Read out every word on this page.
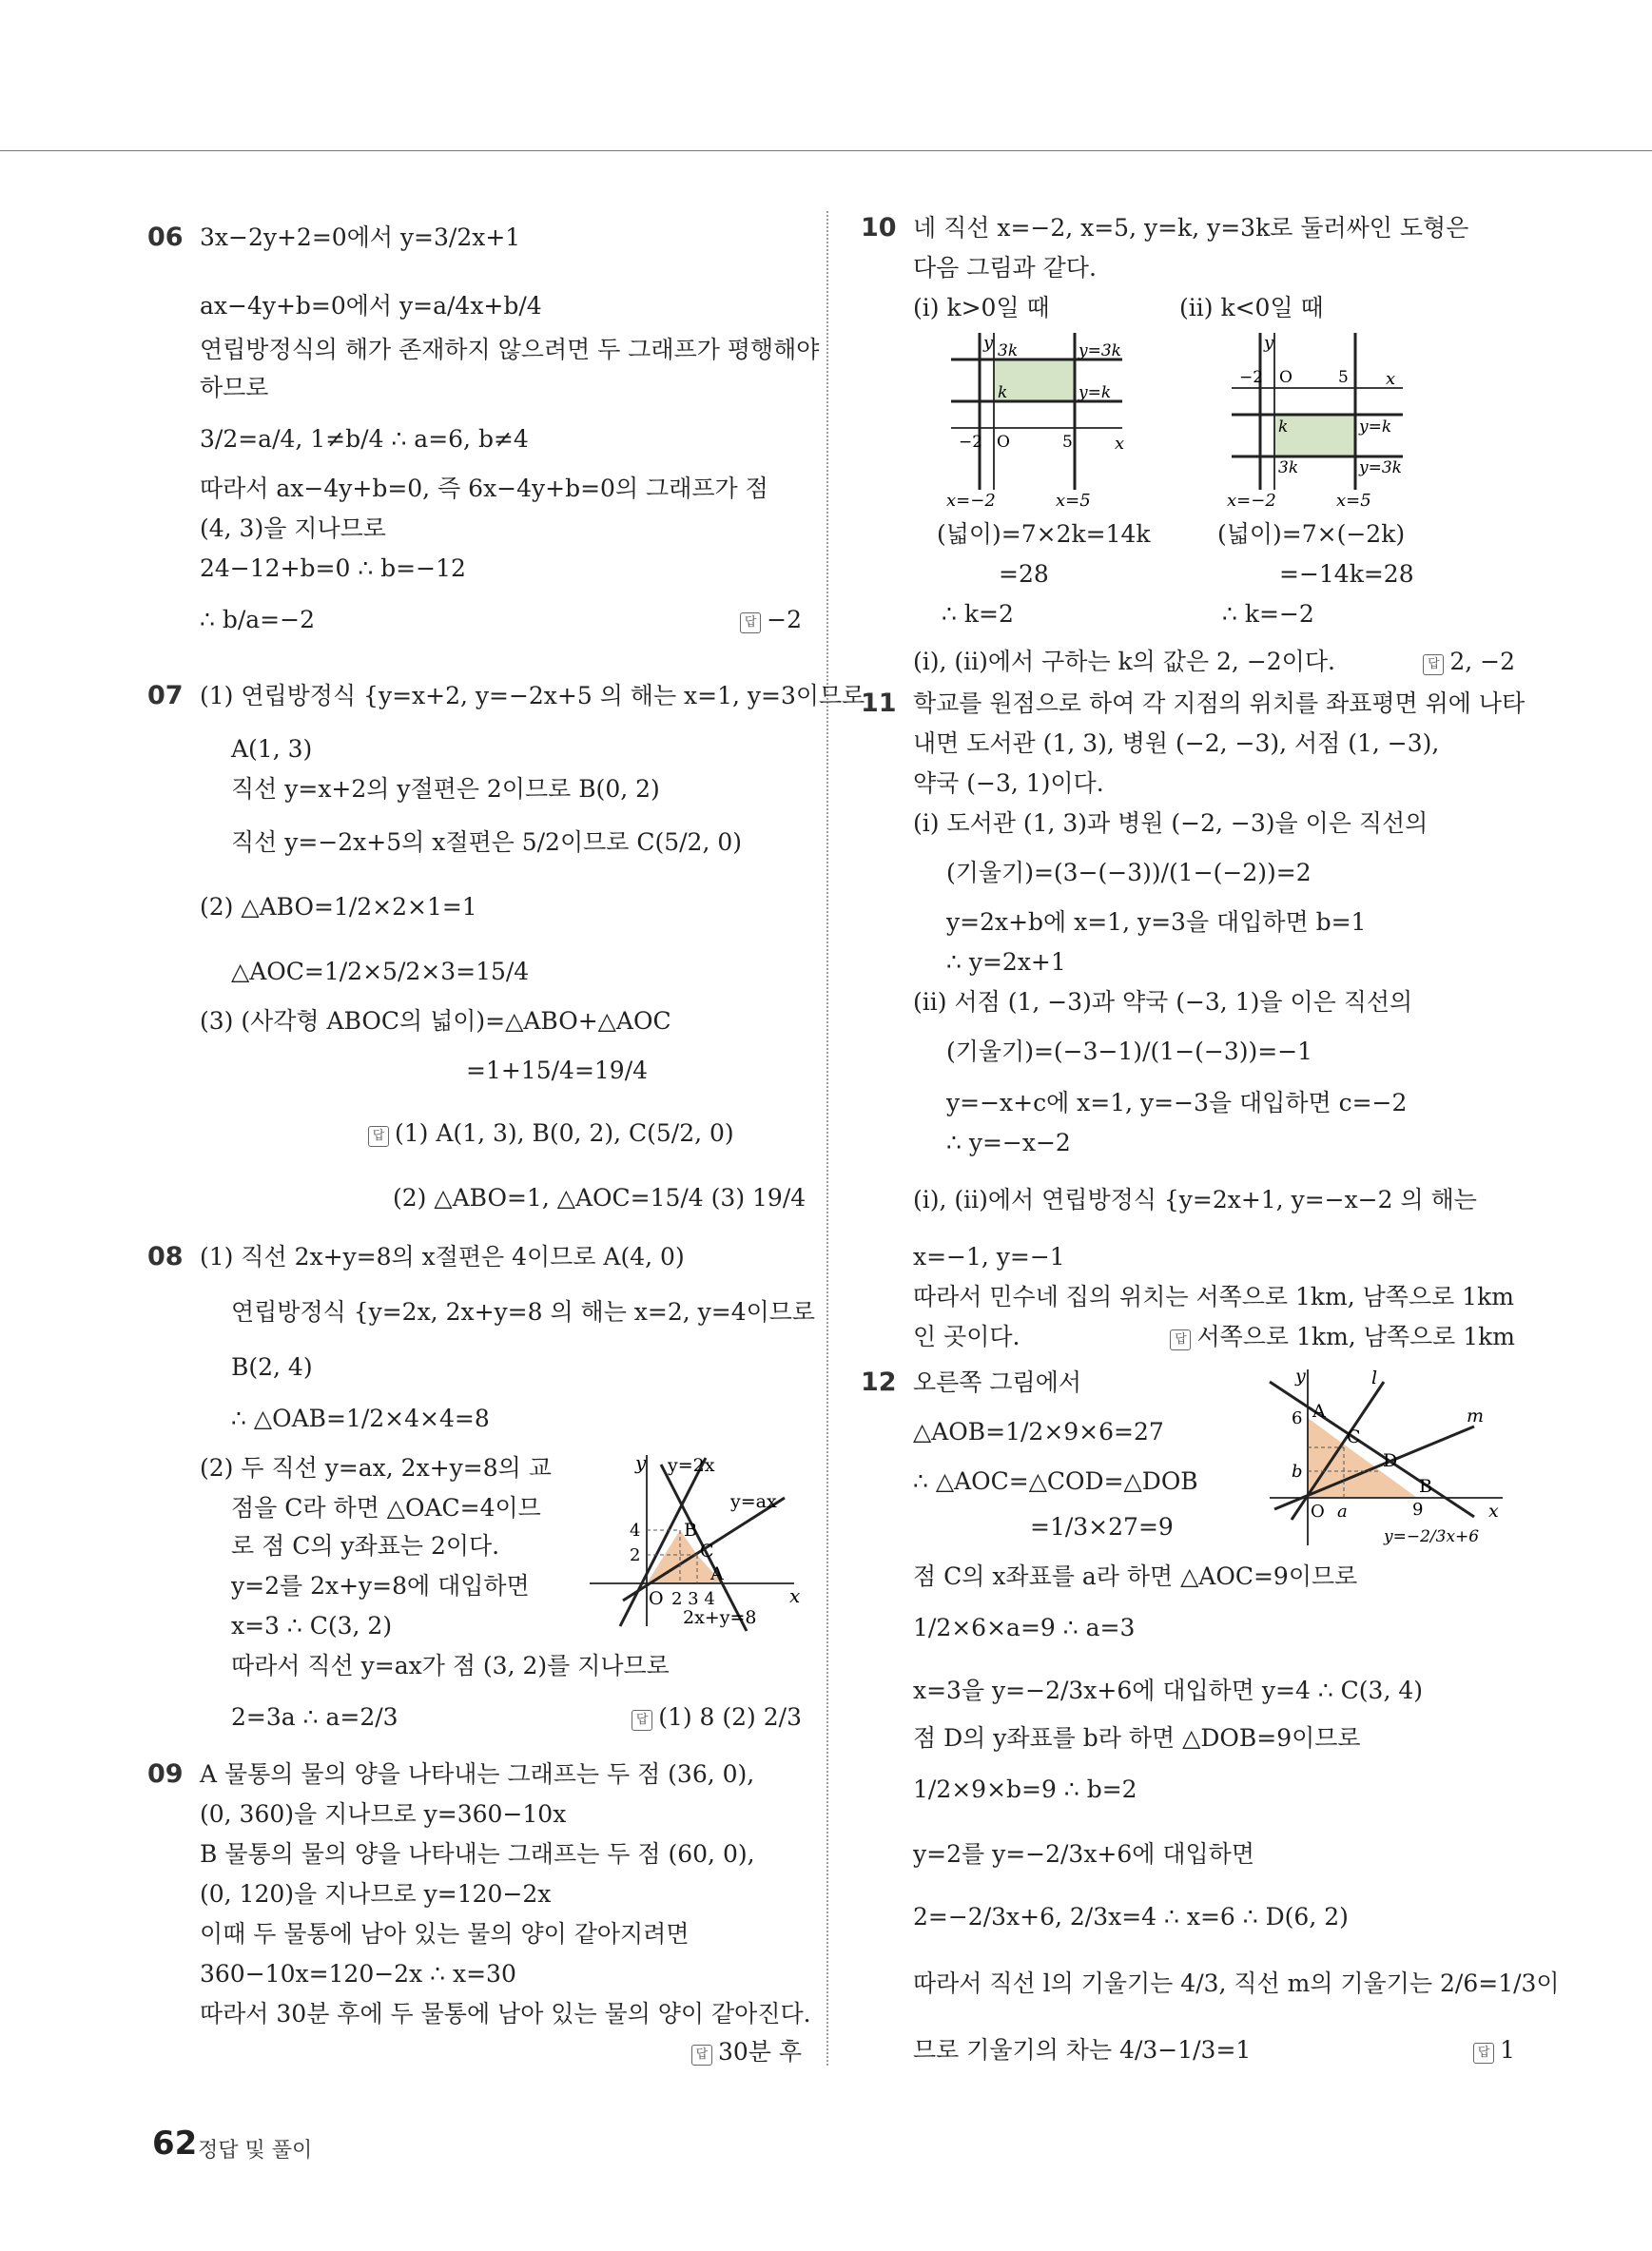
06 3x−2y+2=0에서 y=3/2x+1
ax−4y+b=0에서 y=a/4x+b/4
연립방정식의 해가 존재하지 않으려면 두 그래프가 평행해야
하므로
3/2=a/4, 1≠b/4 ∴ a=6, b≠4
따라서 ax−4y+b=0, 즉 6x−4y+b=0의 그래프가 점
(4, 3)을 지나므로
24−12+b=0 ∴ b=−12
∴ b/a=−2	답 −2
07 (1) 연립방정식 {y=x+2, y=−2x+5 의 해는 x=1, y=3이므로
A(1, 3)
직선 y=x+2의 y절편은 2이므로 B(0, 2)
직선 y=−2x+5의 x절편은 5/2이므로 C(5/2, 0)
(2) △ABO=1/2×2×1=1
△AOC=1/2×5/2×3=15/4
(3) (사각형 ABOC의 넓이)=△ABO+△AOC
=1+15/4=19/4
답 (1) A(1, 3), B(0, 2), C(5/2, 0)
(2) △ABO=1, △AOC=15/4 (3) 19/4
08 (1) 직선 2x+y=8의 x절편은 4이므로 A(4, 0)
연립방정식 {y=2x, 2x+y=8 의 해는 x=2, y=4이므로
B(2, 4)
∴ △OAB=1/2×4×4=8
(2) 두 직선 y=ax, 2x+y=8의 교
점을 C라 하면 △OAC=4이므
로 점 C의 y좌표는 2이다.
y=2를 2x+y=8에 대입하면
x=3 ∴ C(3, 2)
따라서 직선 y=ax가 점 (3, 2)를 지나므로
2=3a ∴ a=2/3	답 (1) 8 (2) 2/3
y
x
O
y=2x
y=ax
2x+y=8
A
B
C
4
2
2 3 4
09 A 물통의 물의 양을 나타내는 그래프는 두 점 (36, 0),
(0, 360)을 지나므로 y=360−10x
B 물통의 물의 양을 나타내는 그래프는 두 점 (60, 0),
(0, 120)을 지나므로 y=120−2x
이때 두 물통에 남아 있는 물의 양이 같아지려면
360−10x=120−2x ∴ x=30
따라서 30분 후에 두 물통에 남아 있는 물의 양이 같아진다.
답 30분 후
10 네 직선 x=−2, x=5, y=k, y=3k로 둘러싸인 도형은
다음 그림과 같다.
(ⅰ) k>0일 때	(ⅱ) k<0일 때
y
x
O
3k
k
y=3k
y=k
−2	5
x=−2	x=5
y
x
O
3k
k
y=3k
y=k
−2	5
x=−2	x=5
(넓이)=7×2k=14k
=28
∴ k=2
(넓이)=7×(−2k)
=−14k=28
∴ k=−2
(ⅰ), (ⅱ)에서 구하는 k의 값은 2, −2이다.	답 2, −2
11 학교를 원점으로 하여 각 지점의 위치를 좌표평면 위에 나타
내면 도서관 (1, 3), 병원 (−2, −3), 서점 (1, −3),
약국 (−3, 1)이다.
(ⅰ) 도서관 (1, 3)과 병원 (−2, −3)을 이은 직선의
(기울기)=(3−(−3))/(1−(−2))=2
y=2x+b에 x=1, y=3을 대입하면 b=1
∴ y=2x+1
(ⅱ) 서점 (1, −3)과 약국 (−3, 1)을 이은 직선의
(기울기)=(−3−1)/(1−(−3))=−1
y=−x+c에 x=1, y=−3을 대입하면 c=−2
∴ y=−x−2
(ⅰ), (ⅱ)에서 연립방정식 {y=2x+1, y=−x−2 의 해는
x=−1, y=−1
따라서 민수네 집의 위치는 서쪽으로 1km, 남쪽으로 1km
인 곳이다.	답 서쪽으로 1km, 남쪽으로 1km
12 오른쪽 그림에서
△AOB=1/2×9×6=27
∴ △AOC=△COD=△DOB
=1/3×27=9
점 C의 x좌표를 a라 하면 △AOC=9이므로
1/2×6×a=9 ∴ a=3
x=3을 y=−2/3x+6에 대입하면 y=4 ∴ C(3, 4)
점 D의 y좌표를 b라 하면 △DOB=9이므로
1/2×9×b=9 ∴ b=2
y=2를 y=−2/3x+6에 대입하면
2=−2/3x+6, 2/3x=4 ∴ x=6 ∴ D(6, 2)
따라서 직선 l의 기울기는 4/3, 직선 m의 기울기는 2/6=1/3이
므로 기울기의 차는 4/3−1/3=1	답 1
y
x
O
l
m
A
C
D
B
6
b
a	9
y=−2/3x+6
62 정답 및 풀이
